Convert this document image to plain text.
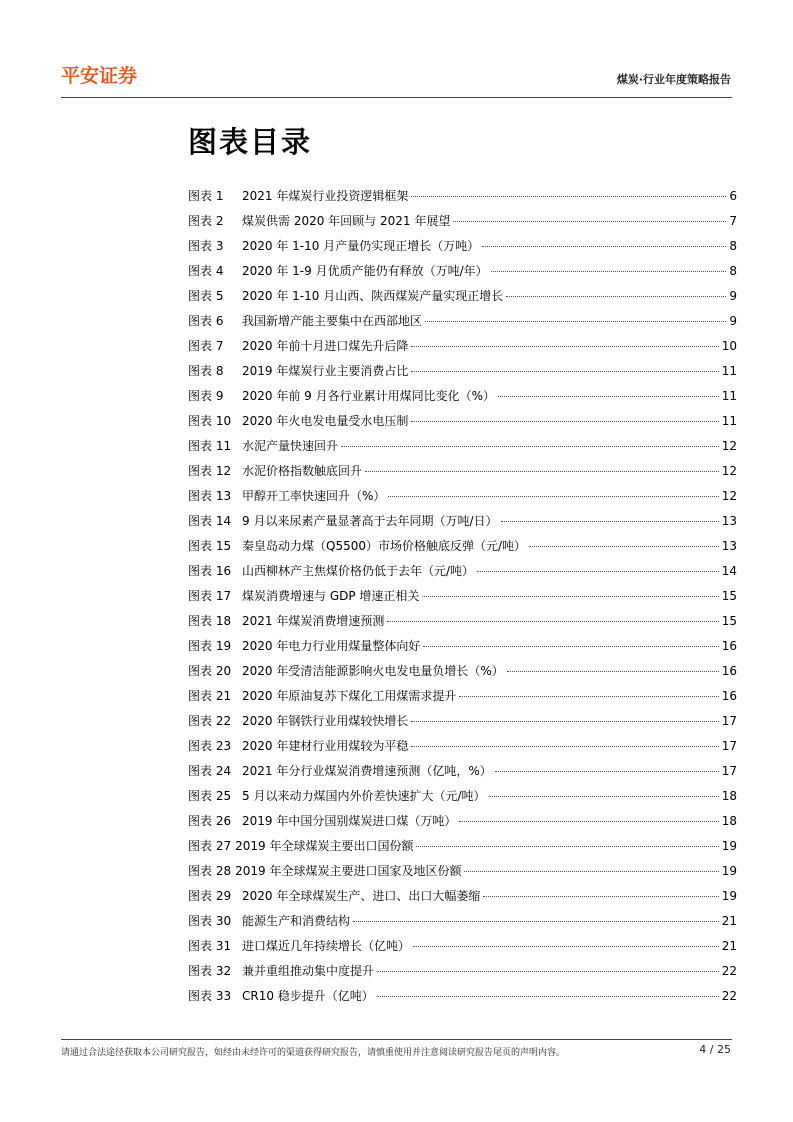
平安证券	煤炭·行业年度策略报告
图表目录
图表 1	2021 年煤炭行业投资逻辑框架	6
图表 2	煤炭供需 2020 年回顾与 2021 年展望	7
图表 3	2020 年 1-10 月产量仍实现正增长（万吨）	8
图表 4	2020 年 1-9 月优质产能仍有释放（万吨/年）	8
图表 5	2020 年 1-10 月山西、陕西煤炭产量实现正增长	9
图表 6	我国新增产能主要集中在西部地区	9
图表 7	2020 年前十月进口煤先升后降	10
图表 8	2019 年煤炭行业主要消费占比	11
图表 9	2020 年前 9 月各行业累计用煤同比变化（%）	11
图表 10 2020 年火电发电量受水电压制	11
图表 11 水泥产量快速回升	12
图表 12 水泥价格指数触底回升	12
图表 13 甲醇开工率快速回升（%）	12
图表 14 9 月以来尿素产量显著高于去年同期（万吨/日）	13
图表 15 秦皇岛动力煤（Q5500）市场价格触底反弹（元/吨）	13
图表 16 山西柳林产主焦煤价格仍低于去年（元/吨）	14
图表 17 煤炭消费增速与 GDP 增速正相关	15
图表 18 2021 年煤炭消费增速预测	15
图表 19 2020 年电力行业用煤量整体向好	16
图表 20 2020 年受清洁能源影响火电发电量负增长（%）	16
图表 21 2020 年原油复苏下煤化工用煤需求提升	16
图表 22 2020 年钢铁行业用煤较快增长	17
图表 23 2020 年建材行业用煤较为平稳	17
图表 24 2021 年分行业煤炭消费增速预测（亿吨，%）	17
图表 25 5 月以来动力煤国内外价差快速扩大（元/吨）	18
图表 26 2019 年中国分国别煤炭进口煤（万吨）	18
图表 27 2019 年全球煤炭主要出口国份额	19
图表 28 2019 年全球煤炭主要进口国家及地区份额	19
图表 29 2020 年全球煤炭生产、进口、出口大幅萎缩	19
图表 30 能源生产和消费结构	21
图表 31 进口煤近几年持续增长（亿吨）	21
图表 32 兼并重组推动集中度提升	22
图表 33 CR10 稳步提升（亿吨）	22
请通过合法途径获取本公司研究报告，如经由未经许可的渠道获得研究报告，请慎重使用并注意阅读研究报告尾页的声明内容。	4 / 25
